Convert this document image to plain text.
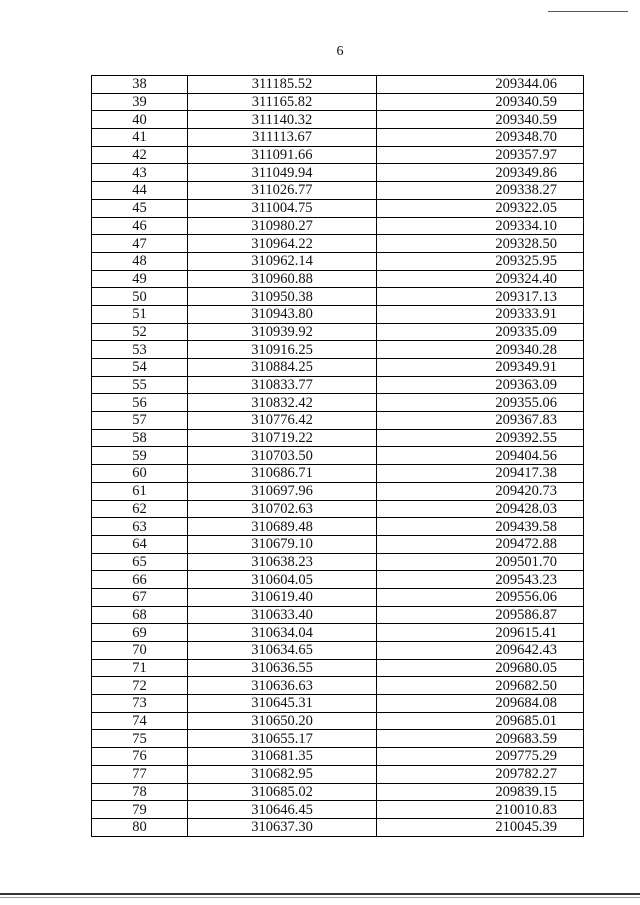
6
38	311185.52	209344.06
39	311165.82	209340.59
40	311140.32	209340.59
41	311113.67	209348.70
42	311091.66	209357.97
43	311049.94	209349.86
44	311026.77	209338.27
45	311004.75	209322.05
46	310980.27	209334.10
47	310964.22	209328.50
48	310962.14	209325.95
49	310960.88	209324.40
50	310950.38	209317.13
51	310943.80	209333.91
52	310939.92	209335.09
53	310916.25	209340.28
54	310884.25	209349.91
55	310833.77	209363.09
56	310832.42	209355.06
57	310776.42	209367.83
58	310719.22	209392.55
59	310703.50	209404.56
60	310686.71	209417.38
61	310697.96	209420.73
62	310702.63	209428.03
63	310689.48	209439.58
64	310679.10	209472.88
65	310638.23	209501.70
66	310604.05	209543.23
67	310619.40	209556.06
68	310633.40	209586.87
69	310634.04	209615.41
70	310634.65	209642.43
71	310636.55	209680.05
72	310636.63	209682.50
73	310645.31	209684.08
74	310650.20	209685.01
75	310655.17	209683.59
76	310681.35	209775.29
77	310682.95	209782.27
78	310685.02	209839.15
79	310646.45	210010.83
80	310637.30	210045.39
